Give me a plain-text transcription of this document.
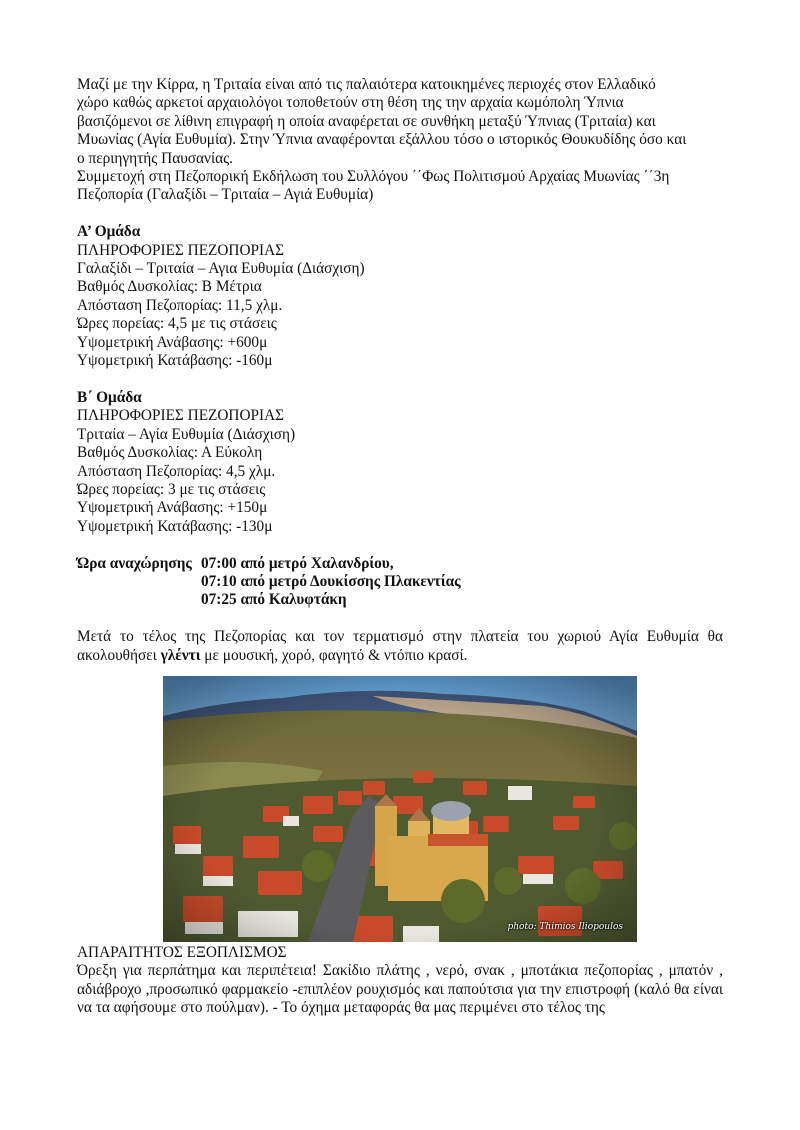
Μαζί με την Κίρρα, η Τριταία είναι από τις παλαιότερα κατοικημένες περιοχές στον Ελλαδικό

χώρο καθώς αρκετοί αρχαιολόγοι τοποθετούν στη θέση της την αρχαία κωμόπολη Ύπνια

βασιζόμενοι σε λίθινη επιγραφή η οποία αναφέρεται σε συνθήκη μεταξύ Ύπνιας (Τριταία) και

Μυωνίας (Αγία Ευθυμία). Στην Ύπνια αναφέρονται εξάλλου τόσο ο ιστορικός Θουκυδίδης όσο και

ο περιηγητής Παυσανίας.

Συμμετοχή στη Πεζοπορική Εκδήλωση του Συλλόγου ΄΄Φως Πολιτισμού Αρχαίας Μυωνίας ΄΄3η

Πεζοπορία (Γαλαξίδι – Τριταία – Αγιά Ευθυμία)

Α’ Ομάδα

ΠΛΗΡΟΦΟΡΙΕΣ ΠΕΖΟΠΟΡΙΑΣ

Γαλαξίδι – Τριταία – Αγια Ευθυμία (Διάσχιση)

Βαθμός Δυσκολίας: Β Μέτρια

Απόσταση Πεζοπορίας: 11,5 χλμ.

Ώρες πορείας: 4,5 με τις στάσεις

Υψομετρική Ανάβασης: +600μ

Υψομετρική Κατάβασης: -160μ

Β΄ Ομάδα

ΠΛΗΡΟΦΟΡΙΕΣ ΠΕΖΟΠΟΡΙΑΣ

Τριταία – Αγία Ευθυμία (Διάσχιση)

Βαθμός Δυσκολίας: Α Εύκολη

Απόσταση Πεζοπορίας: 4,5 χλμ.

Ώρες πορείας: 3 με τις στάσεις

Υψομετρική Ανάβασης: +150μ

Υψομετρική Κατάβασης: -130μ

Ώρα αναχώρησης 07:00 από μετρό Χαλανδρίου,
07:10 από μετρό Δουκίσσης Πλακεντίας
07:25 από Καλυφτάκη

Μετά το τέλος της Πεζοπορίας και τον τερματισμό στην πλατεία του χωριού Αγία Ευθυμία θα ακολουθήσει γλέντι με μουσική, χορό, φαγητό & ντόπιο κρασί.

photo: Thimios Iliopoulos

ΑΠΑΡΑΙΤΗΤΟΣ ΕΞΟΠΛΙΣΜΟΣ

Όρεξη για περπάτημα και περιπέτεια! Σακίδιο πλάτης , νερό, σνακ , μποτάκια πεζοπορίας , μπατόν , αδιάβροχο ,προσωπικό φαρμακείο -επιπλέον ρουχισμός και παπούτσια για την επιστροφή (καλό θα είναι να τα αφήσουμε στο πούλμαν). - Το όχημα μεταφοράς θα μας περιμένει στο τέλος της
